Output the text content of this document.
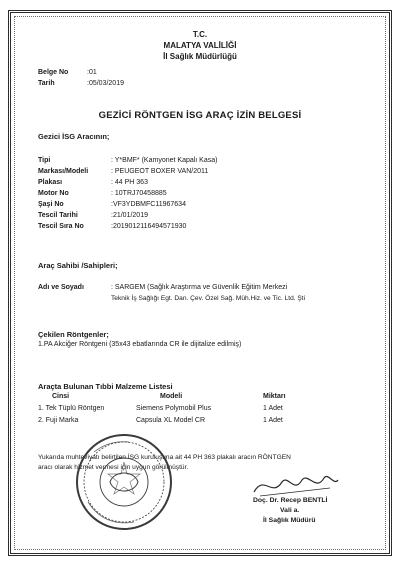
T.C.
MALATYA VALİLİĞİ
İl Sağlık Müdürlüğü
Belge No	:01
Tarih	:05/03/2019
GEZİCİ RÖNTGEN İSG ARAÇ İZİN BELGESİ
Gezici İSG Aracının;
Tipi	: Y*BMF* (Kamyonet Kapalı Kasa)
Markası/Modeli	: PEUGEOT BOXER VAN/2011
Plakası	: 44 PH 363
Motor No	: 10TRJ70458885
Şaşi No	:VF3YDBMFC11967634
Tescil Tarihi	:21/01/2019
Tescil Sıra No	:20190121164945719​30
Araç Sahibi /Sahipleri;
Adı ve Soyadı	: SARGEM (Sağlık Araştırma ve Güvenlik Eğitim Merkezi
Teknik İş Sağlığı Egt. Dan. Çev. Özel Sağ. Müh.Hiz. ve Tic. Ltd. Şti
Çekilen Röntgenler;
1.PA Akciğer Röntgeni (35x43 ebatlarında CR ile dijitalize edilmiş)
Araçta Bulunan Tıbbi Malzeme Listesi
Cinsi	Modeli	Miktarı
1. Tek Tüplü Röntgen	Siemens Polymobil Plus	1 Adet
2. Fuji Marka	Capsula XL Model CR	1 Adet
Yukarıda muhteviyatı belirtilen İSG kuruluşuna ait 44 PH 363 plakalı aracın RÖNTGEN
aracı olarak hizmet vermesi için uygun görülmüştür.
Doç. Dr. Recep BENTLİ
Vali a.
İl Sağlık Müdürü
